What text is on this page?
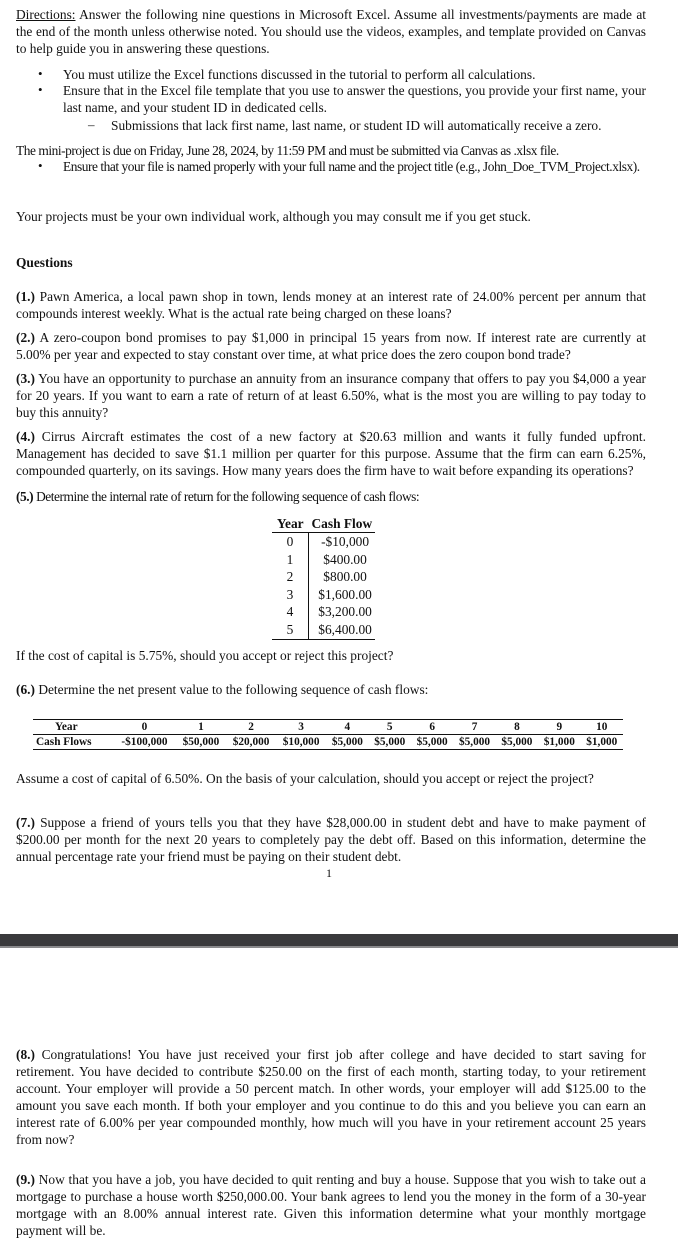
Directions: Answer the following nine questions in Microsoft Excel. Assume all investments/payments are made at the end of the month unless otherwise noted. You should use the videos, examples, and template provided on Canvas to help guide you in answering these questions.

• You must utilize the Excel functions discussed in the tutorial to perform all calculations.

• Ensure that in the Excel file template that you use to answer the questions, you provide your first name, your last name, and your student ID in dedicated cells.

– Submissions that lack first name, last name, or student ID will automatically receive a zero.

The mini-project is due on Friday, June 28, 2024, by 11:59 PM and must be submitted via Canvas as .xlsx file.

• Ensure that your file is named properly with your full name and the project title (e.g., John_Doe_TVM_Project.xlsx).

Your projects must be your own individual work, although you may consult me if you get stuck.

Questions

(1.) Pawn America, a local pawn shop in town, lends money at an interest rate of 24.00% percent per annum that compounds interest weekly. What is the actual rate being charged on these loans?

(2.) A zero-coupon bond promises to pay $1,000 in principal 15 years from now. If interest rate are currently at 5.00% per year and expected to stay constant over time, at what price does the zero coupon bond trade?

(3.) You have an opportunity to purchase an annuity from an insurance company that offers to pay you $4,000 a year for 20 years. If you want to earn a rate of return of at least 6.50%, what is the most you are willing to pay today to buy this annuity?

(4.) Cirrus Aircraft estimates the cost of a new factory at $20.63 million and wants it fully funded upfront. Management has decided to save $1.1 million per quarter for this purpose. Assume that the firm can earn 6.25%, compounded quarterly, on its savings. How many years does the firm have to wait before expanding its operations?

(5.) Determine the internal rate of return for the following sequence of cash flows:

Year	Cash Flow
0	-$10,000
1	$400.00
2	$800.00
3	$1,600.00
4	$3,200.00
5	$6,400.00

If the cost of capital is 5.75%, should you accept or reject this project?

(6.) Determine the net present value to the following sequence of cash flows:

Year	0	1	2	3	4	5	6	7	8	9	10
Cash Flows	-$100,000	$50,000	$20,000	$10,000	$5,000	$5,000	$5,000	$5,000	$5,000	$1,000	$1,000

Assume a cost of capital of 6.50%. On the basis of your calculation, should you accept or reject the project?

(7.) Suppose a friend of yours tells you that they have $28,000.00 in student debt and have to make payment of $200.00 per month for the next 20 years to completely pay the debt off. Based on this information, determine the annual percentage rate your friend must be paying on their student debt.

1

(8.) Congratulations! You have just received your first job after college and have decided to start saving for retirement. You have decided to contribute $250.00 on the first of each month, starting today, to your retirement account. Your employer will provide a 50 percent match. In other words, your employer will add $125.00 to the amount you save each month. If both your employer and you continue to do this and you believe you can earn an interest rate of 6.00% per year compounded monthly, how much will you have in your retirement account 25 years from now?

(9.) Now that you have a job, you have decided to quit renting and buy a house. Suppose that you wish to take out a mortgage to purchase a house worth $250,000.00. Your bank agrees to lend you the money in the form of a 30-year mortgage with an 8.00% annual interest rate. Given this information determine what your monthly mortgage payment will be.
